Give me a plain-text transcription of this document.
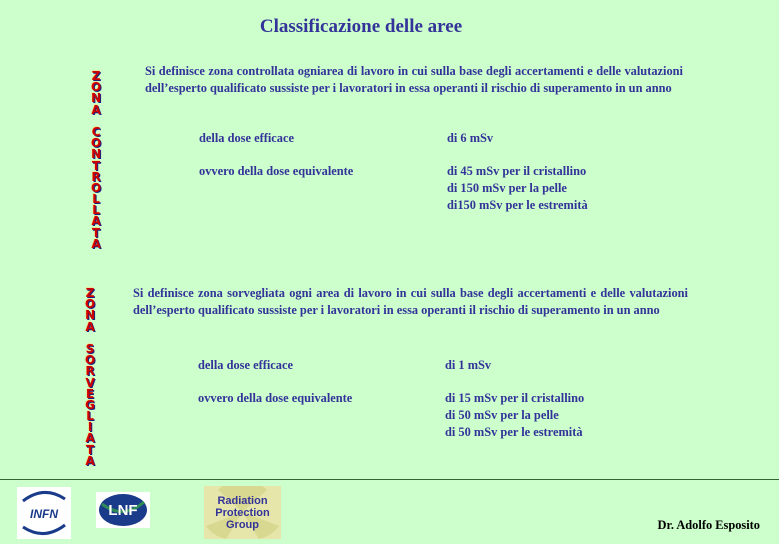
Classificazione delle aree
Z
O
N
A
C
O
N
T
R
O
L
L
A
T
A
Si definisce zona controllata ogniarea di lavoro in cui sulla base degli accertamenti e delle valutazioni dell’esperto qualificato sussiste per i lavoratori in essa operanti il rischio di superamento in un anno
della dose efficace	di 6 mSv
ovvero della dose equivalente	di 45 mSv per il cristallino
di 150 mSv per la pelle
di150 mSv per le estremità
Z
O
N
A
S
O
R
V
E
G
L
I
A
T
A
Si definisce zona sorvegliata ogni area di lavoro in cui sulla base degli accertamenti e delle valutazioni dell’esperto qualificato sussiste per i lavoratori in essa operanti il rischio di superamento in un anno
della dose efficace	di 1 mSv
ovvero della dose equivalente	di 15 mSv per il cristallino
di 50 mSv per la pelle
di 50 mSv per le estremità
INFN	LNF
Radiation
Protection
Group	Dr. Adolfo Esposito
